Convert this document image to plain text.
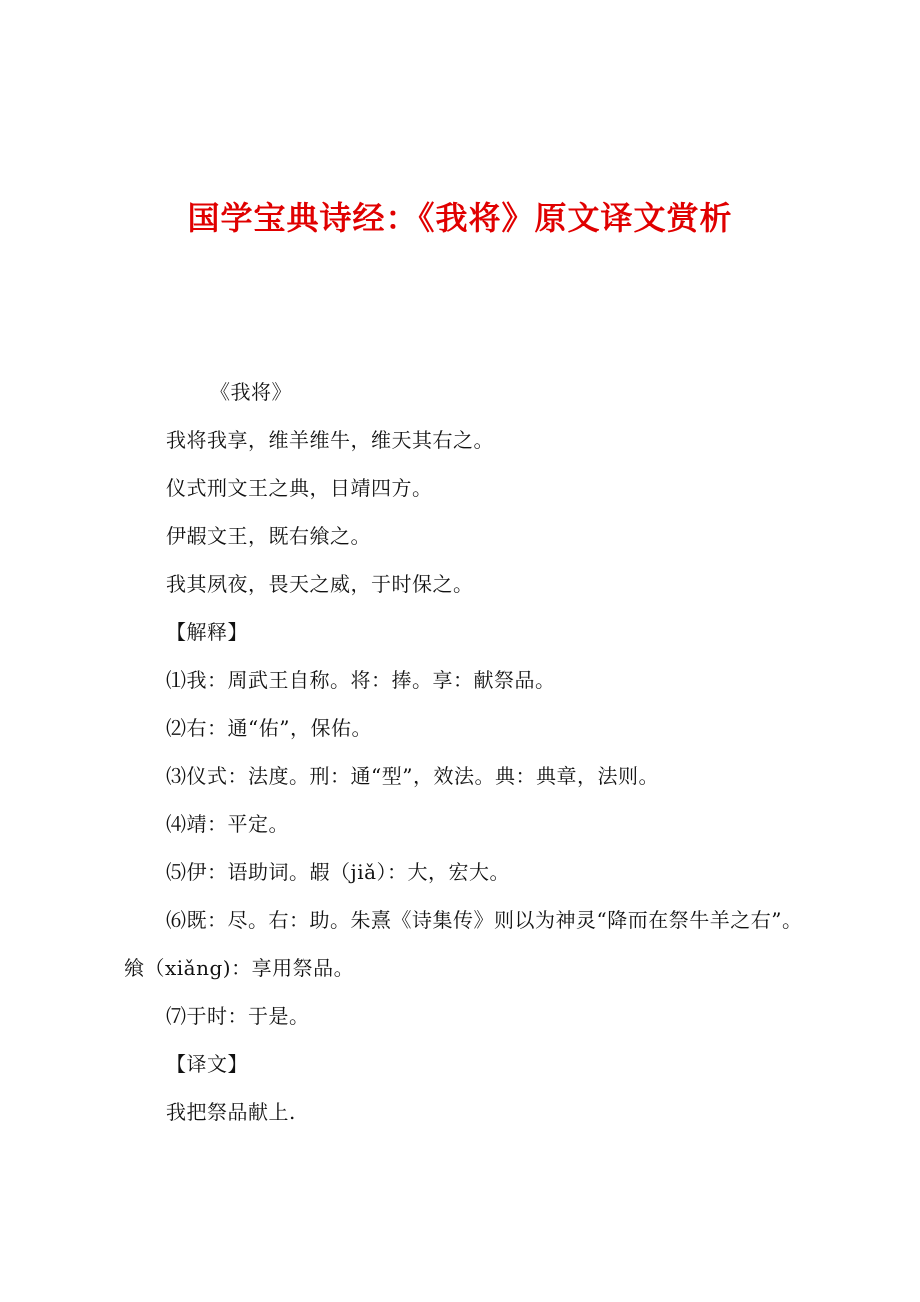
国学宝典诗经：《我将》原文译文赏析
《我将》
我将我享，维羊维牛，维天其右之。
仪式刑文王之典，日靖四方。
伊嘏文王，既右飨之。
我其夙夜，畏天之威，于时保之。
【解释】
⑴我：周武王自称。将：捧。享：献祭品。
⑵右：通“佑”，保佑。
⑶仪式：法度。刑：通“型”，效法。典：典章，法则。
⑷靖：平定。
⑸伊：语助词。嘏（jiǎ）：大，宏大。
⑹既：尽。右：助。朱熹《诗集传》则以为神灵“降而在祭牛羊之右”。飨（xiǎng)：享用祭品。
⑺于时：于是。
【译文】
我把祭品献上.
